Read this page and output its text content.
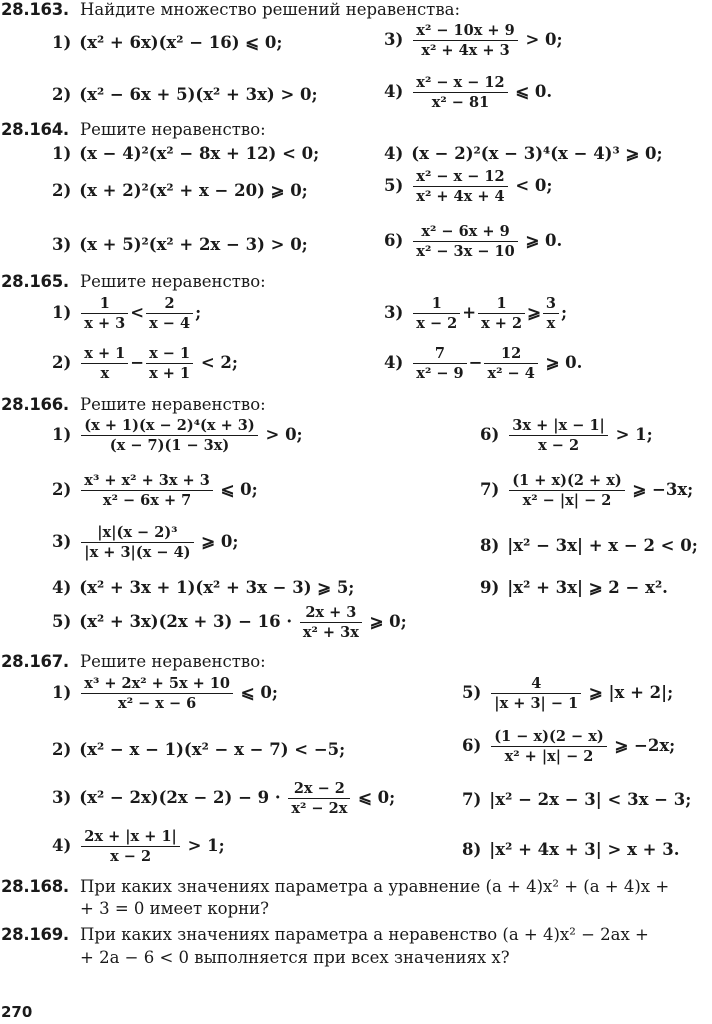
28.163. Найдите множество решений неравенства:
1) (x² + 6x)(x² − 16) ⩽ 0;	$3) \frac{\text{x² − 10x + 9}}{\text{x² + 4x + 3}} > 0$;
2) (x² − 6x + 5)(x² + 3x) > 0;	$4) \frac{\text{x² − x − 12}}{\text{x² − 81}}$ ⩽ 0.
28.164. Решите неравенство:
1) (x − 4)²(x² − 8x + 12) < 0;	4) (x − 2)²(x − 3)⁴(x − 4)³ ⩾ 0;
2) (x + 2)²(x² + x − 20) ⩾ 0;	$5) \frac{\text{x² − x − 12}}{\text{x² + 4x + 4}} < 0$;
3) (x + 5)²(x² + 2x − 3) > 0;	$6) \frac{\text{x² − 6x + 9}}{\text{x² − 3x − 10}}$ ⩾ 0.
28.165. Решите неравенство:
$1) \frac{1}{x + 3} < \frac{2}{x - 4}$ ;	$3) \frac{1}{x - 2} + \frac{1}{x + 2}$ ⩾ $\frac{3}{x}$ ;
$2) \frac{x + 1}{x} - \frac{x - 1}{x + 1} < 2$;	$4) \frac{7}{\text{x² − 9}} - \frac{12}{\text{x² − 4}}$ ⩾ 0.
28.166. Решите неравенство:
$1) \frac{\text{(x + 1)(x − 2)⁴(x + 3)}}{(x - 7)(1 - 3x)} > 0$;	$6) \frac{3x + |x - 1|}{x - 2} > 1$;
$2) \frac{\text{x³ + x² + 3x + 3}}{\text{x² − 6x + 7}}$ ⩽ 0;	$7) \frac{(1 + x)(2 + x)}{\text{x² − |x| − 2}}$ ⩾ −3x;
$3) \frac{\text{|x|(x − 2)³}}{|x + 3|(x - 4)}$ ⩾ 0;	8) |x² − 3x| + x − 2 < 0;
4) (x² + 3x + 1)(x² + 3x − 3) ⩾ 5;	9) |x² + 3x| ⩾ 2 − x².
5) $(x^2 + 3x)(2x + 3) - 16 \cdot \frac{2x + 3}{\text{x² + 3x}}$ ⩾ 0;
28.167. Решите неравенство:
$1) \frac{\text{x³ + 2x² + 5x + 10}}{\text{x² − x − 6}}$ ⩽ 0;	$5) \frac{4}{|x + 3| - 1}$ ⩾ |x + 2|;
2) (x² − x − 1)(x² − x − 7) < −5;	$6) \frac{(1 - x)(2 - x)}{\text{x² + |x| − 2}}$ ⩾ −2x;
3) $(x^2 - 2x)(2x - 2) - 9 \cdot \frac{2x - 2}{\text{x² − 2x}}$ ⩽ 0;	7) |x² − 2x − 3| < 3x − 3;
$4) \frac{2x + |x + 1|}{x - 2} > 1$;	8) |x² + 4x + 3| > x + 3.
28.168. При каких значениях параметра a уравнение (a + 4)x² + (a + 4)x +
+ 3 = 0 имеет корни?
28.169. При каких значениях параметра a неравенство (a + 4)x² − 2ax +
+ 2a − 6 < 0 выполняется при всех значениях x?
270
